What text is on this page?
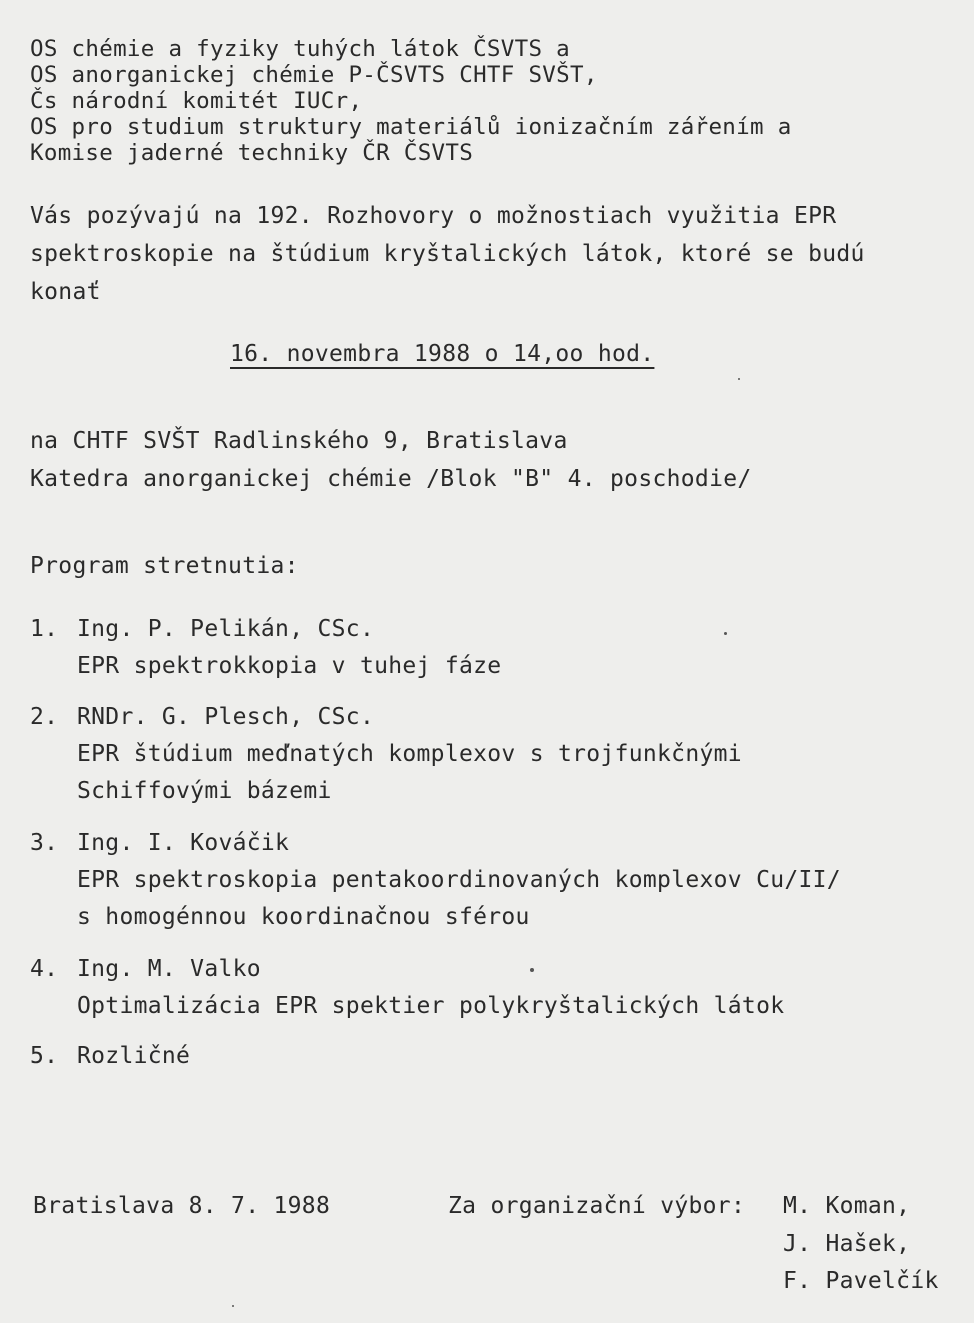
OS chémie a fyziky tuhých látok ČSVTS a
OS anorganickej chémie P-ČSVTS CHTF SVŠT,
Čs národní komitét IUCr,
OS pro studium struktury materiálů ionizačním zářením a
Komise jaderné techniky ČR ČSVTS
Vás pozývajú na 192. Rozhovory o možnostiach využitia EPR
spektroskopie na štúdium kryštalických látok, ktoré se budú
konať
16. novembra 1988 o 14,oo hod.
na CHTF SVŠT Radlinského 9, Bratislava
Katedra anorganickej chémie /Blok "B" 4. poschodie/
Program stretnutia:
1. Ing. P. Pelikán, CSc.
EPR spektrokkopia v tuhej fáze
2. RNDr. G. Plesch, CSc.
EPR štúdium meďnatých komplexov s trojfunkčnými
Schiffovými bázemi
3. Ing. I. Kováčik
EPR spektroskopia pentakoordinovaných komplexov Cu/II/
s homogénnou koordinačnou sférou
4. Ing. M. Valko
Optimalizácia EPR spektier polykryštalických látok
5. Rozličné
Bratislava 8. 7. 1988	Za organizační výbor: M. Koman,
J. Hašek,
F. Pavelčík
